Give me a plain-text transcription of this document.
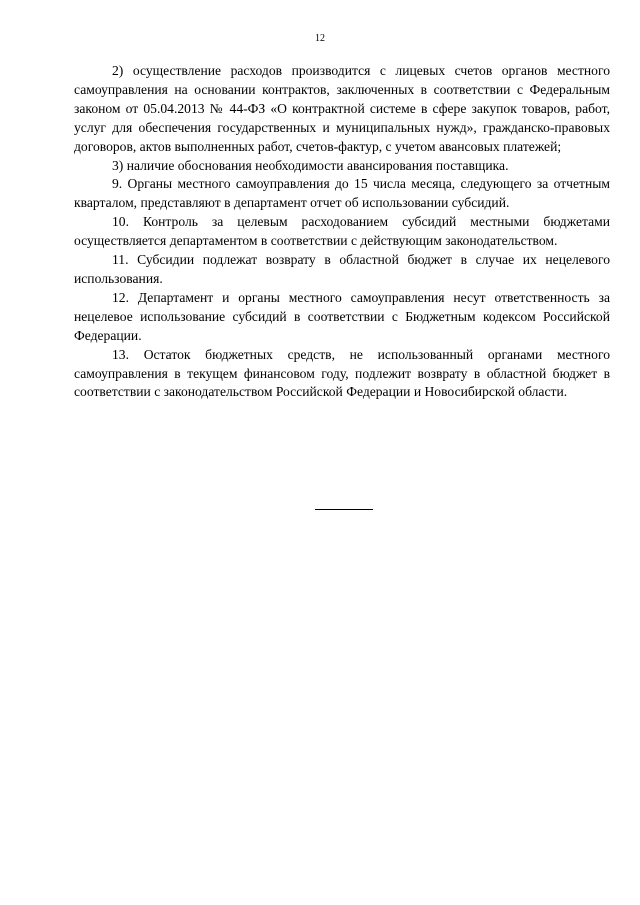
12

2) осуществление расходов производится с лицевых счетов органов местного самоуправления на основании контрактов, заключенных в соответствии с Федеральным законом от 05.04.2013 № 44-ФЗ «О контрактной системе в сфере закупок товаров, работ, услуг для обеспечения государственных и муниципальных нужд», гражданско-правовых договоров, актов выполненных работ, счетов-фактур, с учетом авансовых платежей;

3) наличие обоснования необходимости авансирования поставщика.

9. Органы местного самоуправления до 15 числа месяца, следующего за отчетным кварталом, представляют в департамент отчет об использовании субсидий.

10. Контроль за целевым расходованием субсидий местными бюджетами осуществляется департаментом в соответствии с действующим законодательством.

11. Субсидии подлежат возврату в областной бюджет в случае их нецелевого использования.

12. Департамент и органы местного самоуправления несут ответственность за нецелевое использование субсидий в соответствии с Бюджетным кодексом Российской Федерации.

13. Остаток бюджетных средств, не использованный органами местного самоуправления в текущем финансовом году, подлежит возврату в областной бюджет в соответствии с законодательством Российской Федерации и Новосибирской области.
